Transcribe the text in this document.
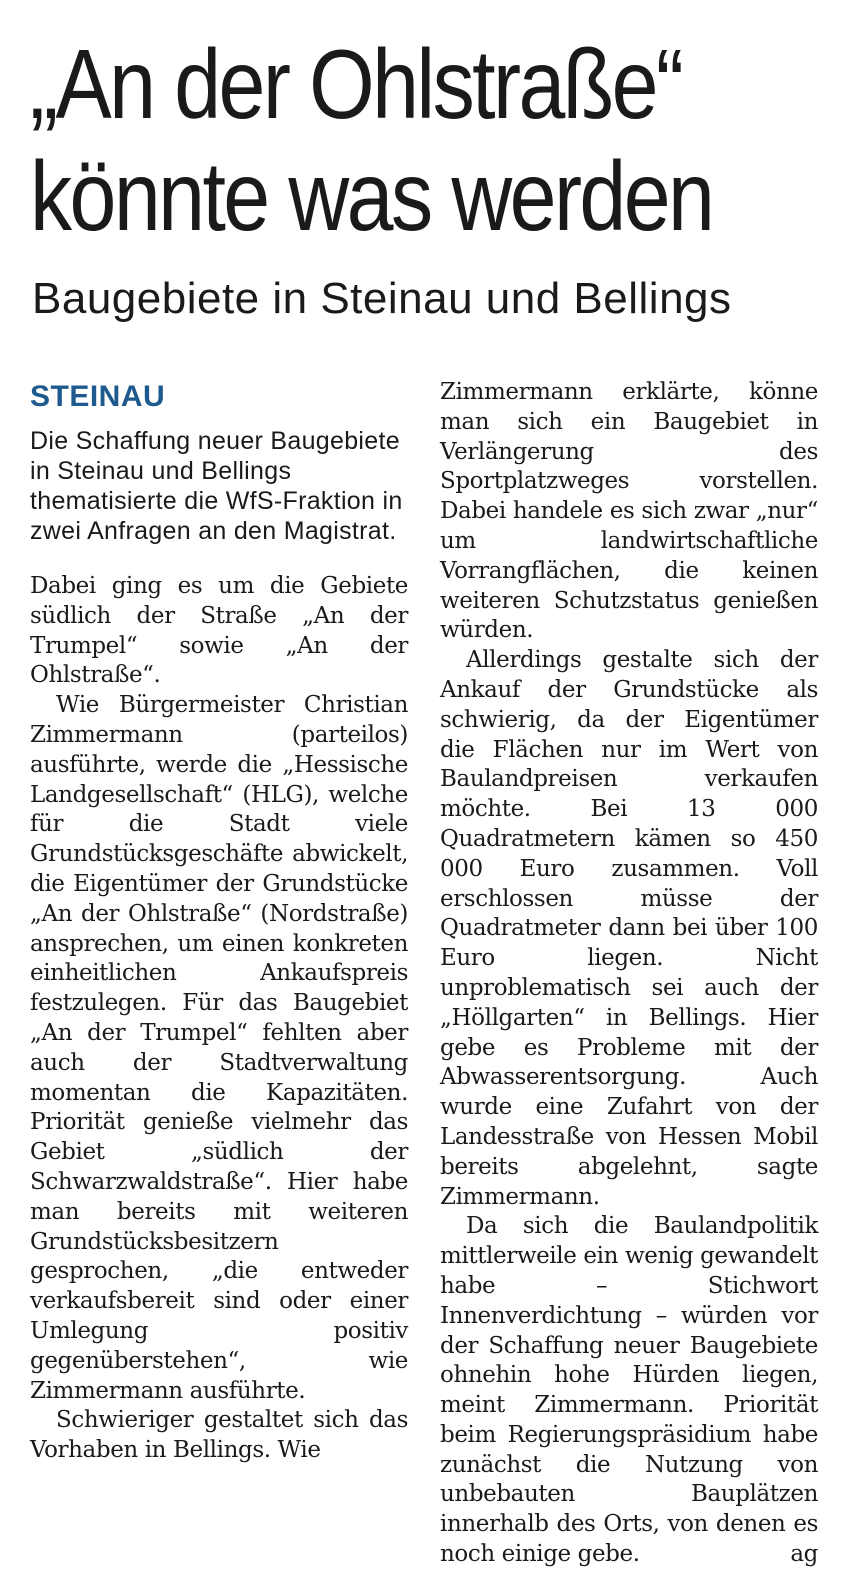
„An der Ohlstraße“
könnte was werden
Baugebiete in Steinau und Bellings
STEINAU
Die Schaffung neuer Baugebiete in Steinau und Bellings thematisierte die WfS-Fraktion in zwei Anfragen an den Magistrat.

Dabei ging es um die Gebiete südlich der Straße „An der Trumpel“ sowie „An der Ohlstraße“.

Wie Bürgermeister Christian Zimmermann (parteilos) ausführte, werde die „Hessische Landgesellschaft“ (HLG), welche für die Stadt viele Grundstücksgeschäfte abwickelt, die Eigentümer der Grundstücke „An der Ohlstraße“ (Nordstraße) ansprechen, um einen konkreten einheitlichen Ankaufspreis festzulegen. Für das Baugebiet „An der Trumpel“ fehlten aber auch der Stadtverwaltung momentan die Kapazitäten. Priorität genieße vielmehr das Gebiet „südlich der Schwarzwaldstraße“. Hier habe man bereits mit weiteren Grundstücksbesitzern gesprochen, „die entweder verkaufsbereit sind oder einer Umlegung positiv gegenüberstehen“, wie Zimmermann ausführte.

Schwieriger gestaltet sich das Vorhaben in Bellings. Wie

Zimmermann erklärte, könne man sich ein Baugebiet in Verlängerung des Sportplatzweges vorstellen. Dabei handele es sich zwar „nur“ um landwirtschaftliche Vorrangflächen, die keinen weiteren Schutzstatus genießen würden.

Allerdings gestalte sich der Ankauf der Grundstücke als schwierig, da der Eigentümer die Flächen nur im Wert von Baulandpreisen verkaufen möchte. Bei 13 000 Quadratmetern kämen so 450 000 Euro zusammen. Voll erschlossen müsse der Quadratmeter dann bei über 100 Euro liegen. Nicht unproblematisch sei auch der „Höllgarten“ in Bellings. Hier gebe es Probleme mit der Abwasserentsorgung. Auch wurde eine Zufahrt von der Landesstraße von Hessen Mobil bereits abgelehnt, sagte Zimmermann.

Da sich die Baulandpolitik mittlerweile ein wenig gewandelt habe – Stichwort Innenverdichtung – würden vor der Schaffung neuer Baugebiete ohnehin hohe Hürden liegen, meint Zimmermann. Priorität beim Regierungspräsidium habe zunächst die Nutzung von unbebauten Bauplätzen innerhalb des Orts, von denen es noch einige gebe.	ag
